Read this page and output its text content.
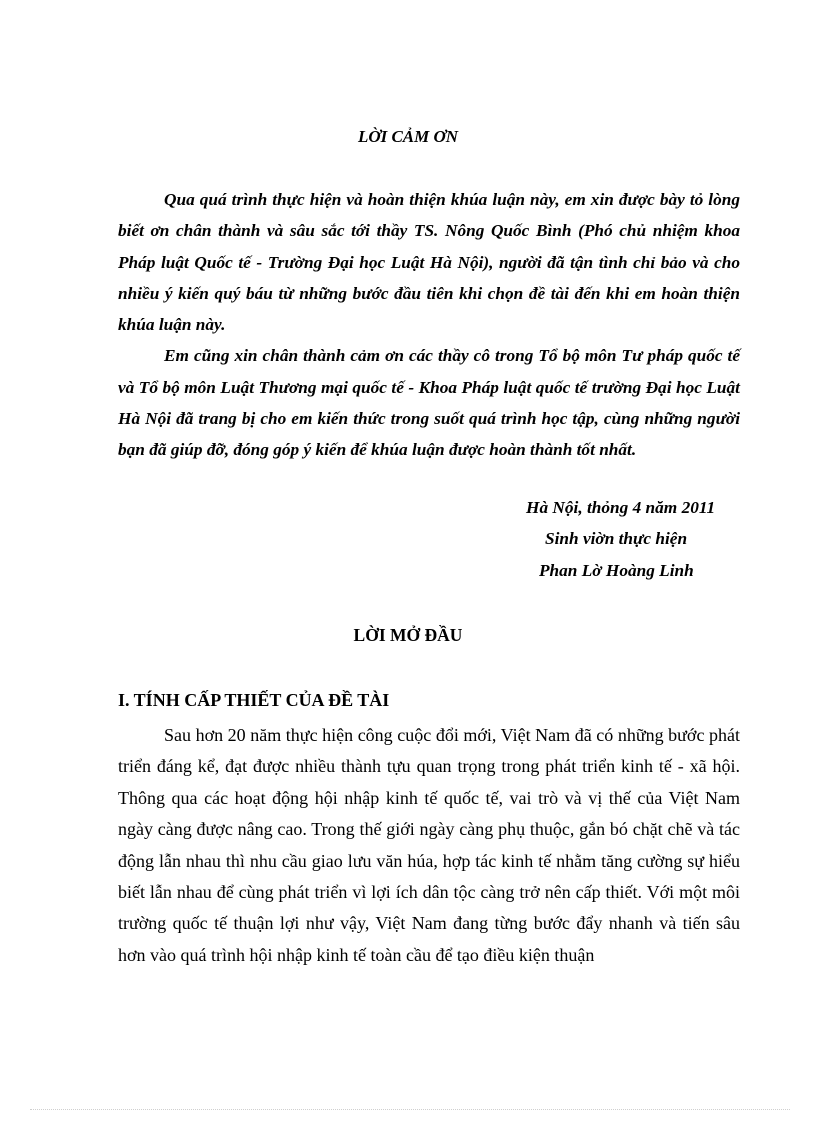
LỜI CẢM ƠN

Qua quá trình thực hiện và hoàn thiện khúa luận này, em xin được bày tỏ lòng biết ơn chân thành và sâu sắc tới thầy TS. Nông Quốc Bình (Phó chủ nhiệm khoa Pháp luật Quốc tế - Trường Đại học Luật Hà Nội), người đã tận tình chỉ bảo và cho nhiều ý kiến quý báu từ những bước đầu tiên khi chọn đề tài đến khi em hoàn thiện khúa luận này.

Em cũng xin chân thành cảm ơn các thầy cô trong Tổ bộ môn Tư pháp quốc tế và Tổ bộ môn Luật Thương mại quốc tế - Khoa Pháp luật quốc tế trường Đại học Luật Hà Nội đã trang bị cho em kiến thức trong suốt quá trình học tập, cùng những người bạn đã giúp đỡ, đóng góp ý kiến để khúa luận được hoàn thành tốt nhất.

Hà Nội, thỏng 4 năm 2011
Sinh viờn thực hiện
Phan Lờ Hoàng Linh
LỜI MỞ ĐẦU
I. TÍNH CẤP THIẾT CỦA ĐỀ TÀI

Sau hơn 20 năm thực hiện công cuộc đổi mới, Việt Nam đã có những bước phát triển đáng kể, đạt được nhiều thành tựu quan trọng trong phát triển kinh tế - xã hội. Thông qua các hoạt động hội nhập kinh tế quốc tế, vai trò và vị thế của Việt Nam ngày càng được nâng cao. Trong thế giới ngày càng phụ thuộc, gắn bó chặt chẽ và tác động lẫn nhau thì nhu cầu giao lưu văn húa, hợp tác kinh tế nhằm tăng cường sự hiểu biết lẫn nhau để cùng phát triển vì lợi ích dân tộc càng trở nên cấp thiết. Với một môi trường quốc tế thuận lợi như vậy, Việt Nam đang từng bước đẩy nhanh và tiến sâu hơn vào quá trình hội nhập kinh tế toàn cầu để tạo điều kiện thuận
